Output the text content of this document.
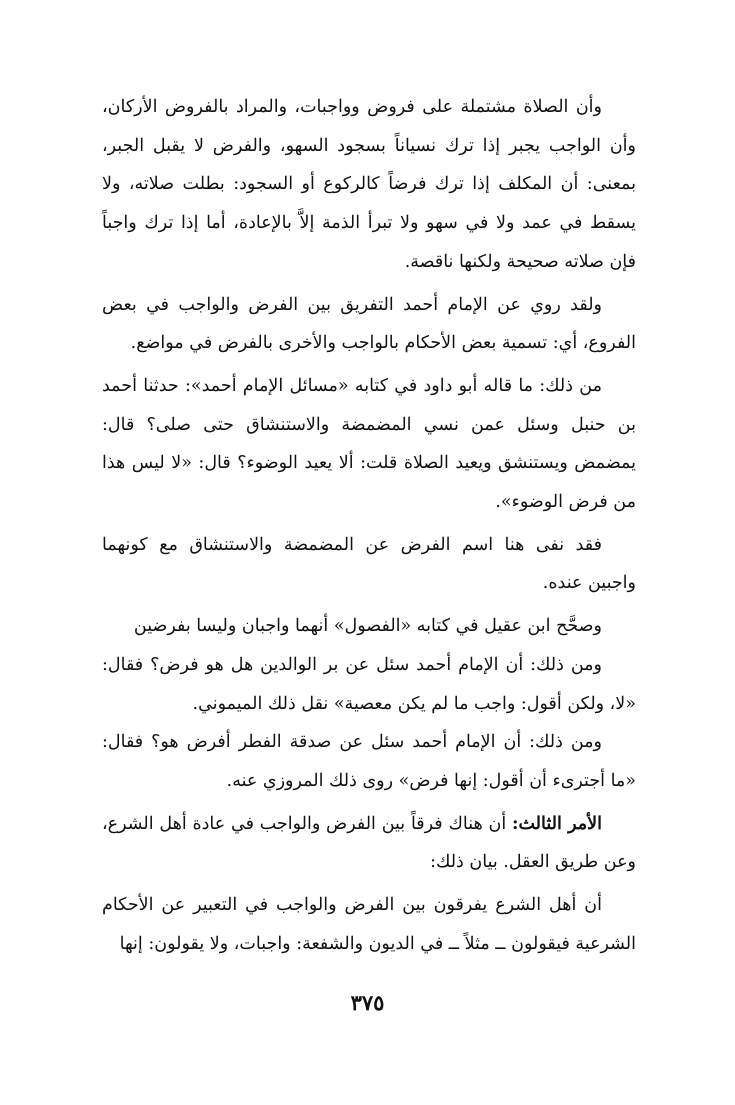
وأن الصلاة مشتملة على فروض وواجبات، والمراد بالفروض الأركان، وأن الواجب يجبر إذا ترك نسياناً بسجود السهو، والفرض لا يقبل الجبر، بمعنى: أن المكلف إذا ترك فرضاً كالركوع أو السجود: بطلت صلاته، ولا يسقط في عمد ولا في سهو ولا تبرأ الذمة إلاَّ بالإعادة، أما إذا ترك واجباً فإن صلاته صحيحة ولكنها ناقصة.

ولقد روي عن الإمام أحمد التفريق بين الفرض والواجب في بعض الفروع، أي: تسمية بعض الأحكام بالواجب والأخرى بالفرض في مواضع.

من ذلك: ما قاله أبو داود في كتابه «مسائل الإمام أحمد»: حدثنا أحمد بن حنبل وسئل عمن نسي المضمضة والاستنشاق حتى صلى؟ قال: يمضمض ويستنشق ويعيد الصلاة قلت: ألا يعيد الوضوء؟ قال: «لا ليس هذا من فرض الوضوء».

فقد نفى هنا اسم الفرض عن المضمضة والاستنشاق مع كونهما واجبين عنده.

وصحَّح ابن عقيل في كتابه «الفصول» أنهما واجبان وليسا بفرضين

ومن ذلك: أن الإمام أحمد سئل عن بر الوالدين هل هو فرض؟ فقال: «لا، ولكن أقول: واجب ما لم يكن معصية» نقل ذلك الميموني.

ومن ذلك: أن الإمام أحمد سئل عن صدقة الفطر أفرض هو؟ فقال: «ما أجترىء أن أقول: إنها فرض» روى ذلك المروزي عنه.

الأمر الثالث: أن هناك فرقاً بين الفرض والواجب في عادة أهل الشرع، وعن طريق العقل. بيان ذلك:

أن أهل الشرع يفرقون بين الفرض والواجب في التعبير عن الأحكام الشرعية فيقولون ــ مثلاً ــ في الديون والشفعة: واجبات، ولا يقولون: إنها

٣٧٥
